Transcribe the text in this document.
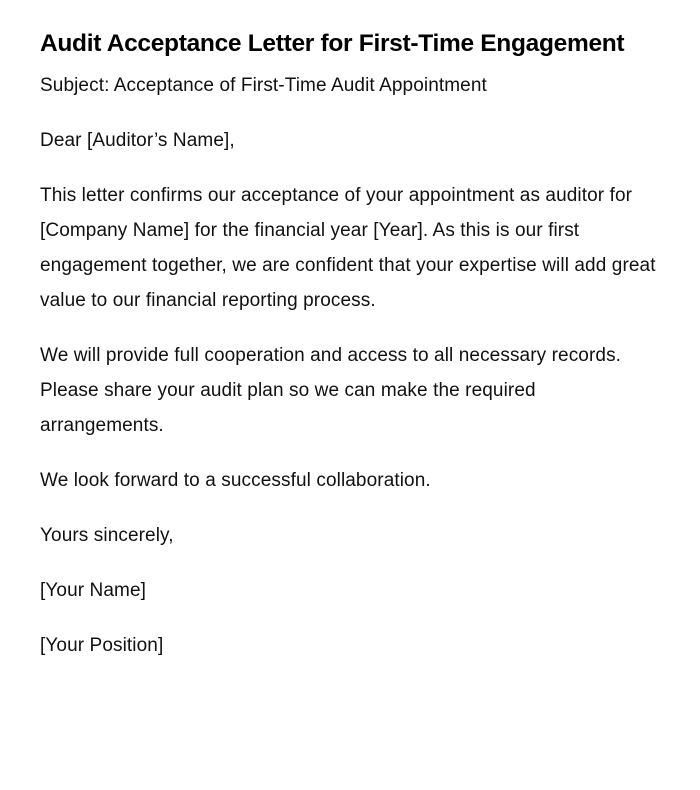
Audit Acceptance Letter for First-Time Engagement

Subject: Acceptance of First-Time Audit Appointment

Dear [Auditor’s Name],

This letter confirms our acceptance of your appointment as auditor for [Company Name] for the financial year [Year]. As this is our first engagement together, we are confident that your expertise will add great value to our financial reporting process.

We will provide full cooperation and access to all necessary records. Please share your audit plan so we can make the required arrangements.

We look forward to a successful collaboration.

Yours sincerely,

[Your Name]

[Your Position]
